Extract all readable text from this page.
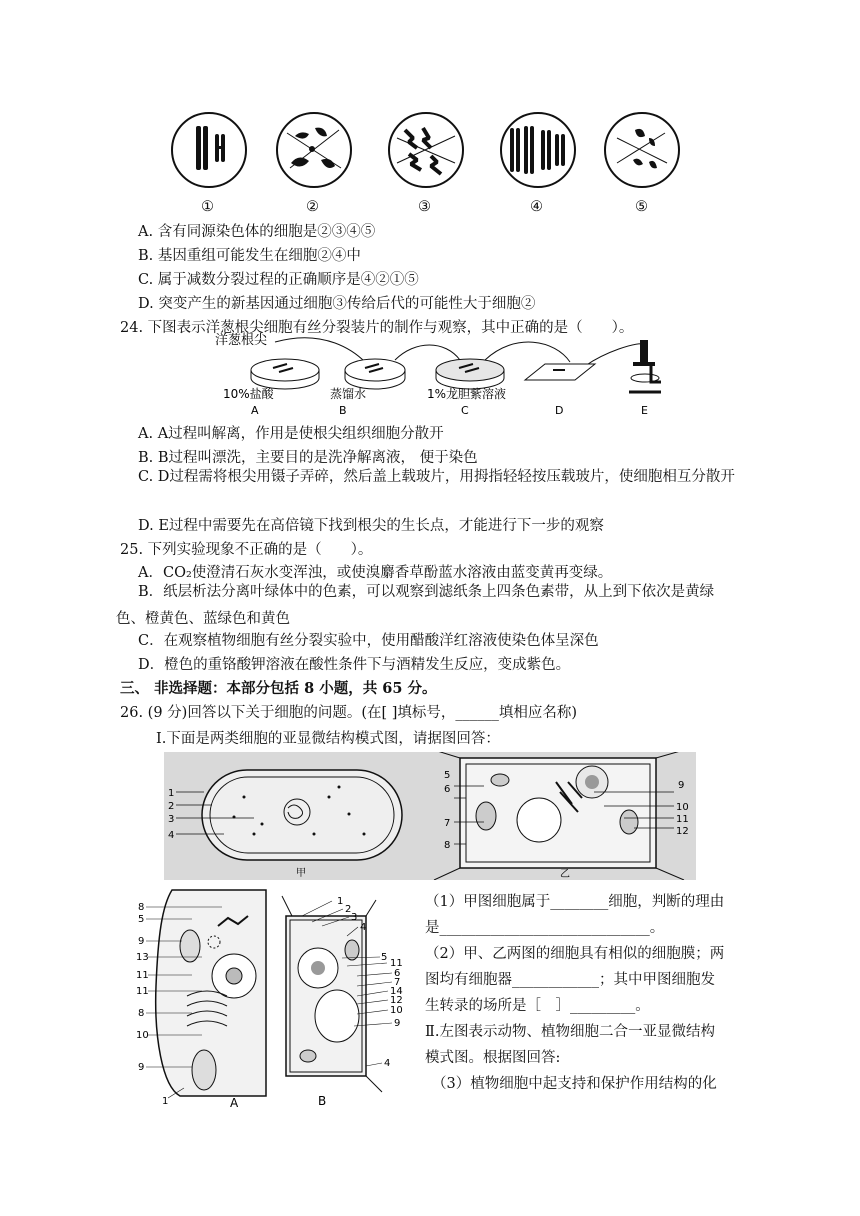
①	②	③	④	⑤
A. 含有同源染色体的细胞是②③④⑤
B. 基因重组可能发生在细胞②④中
C. 属于减数分裂过程的正确顺序是④②①⑤
D. 突变产生的新基因通过细胞③传给后代的可能性大于细胞②
24. 下图表示洋葱根尖细胞有丝分裂装片的制作与观察，其中正确的是（　　）。
洋葱根尖
10%盐酸	蒸馏水	1%龙胆紫溶液
A	B	C	D	E
A. A过程叫解离，作用是使根尖组织细胞分散开
B. B过程叫漂洗，主要目的是洗净解离液， 便于染色
C. D过程需将根尖用镊子弄碎，然后盖上载玻片，用拇指轻轻按压载玻片，使细胞相互分散开
D. E过程中需要先在高倍镜下找到根尖的生长点，才能进行下一步的观察
25. 下列实验现象不正确的是（　　）。
A．CO₂使澄清石灰水变浑浊，或使溴麝香草酚蓝水溶液由蓝变黄再变绿。
B．纸层析法分离叶绿体中的色素，可以观察到滤纸条上四条色素带，从上到下依次是黄绿色、橙黄色、蓝绿色和黄色
C．在观察植物细胞有丝分裂实验中，使用醋酸洋红溶液使染色体呈深色
D．橙色的重铬酸钾溶液在酸性条件下与酒精发生反应，变成紫色。
三、 非选择题：本部分包括 8 小题，共 65 分。
26. (9 分)回答以下关于细胞的问题。(在[ ]填标号，______填相应名称)
Ⅰ.下面是两类细胞的亚显微结构模式图，请据图回答：
1
2
3
4
甲
9
10
11
12
5
6
7
8
乙
8
5
9
13
11
11
8
10
9
1
1
2
3
4
5
11
6
7
14
12
10
9
4
A	B
（1）甲图细胞属于________细胞，判断的理由
是_____________________________。
（2）甲、乙两图的细胞具有相似的细胞膜；两
图均有细胞器____________；其中甲图细胞发
生转录的场所是［　］_________。
Ⅱ.左图表示动物、植物细胞二合一亚显微结构
模式图。根据图回答:
（3）植物细胞中起支持和保护作用结构的化
